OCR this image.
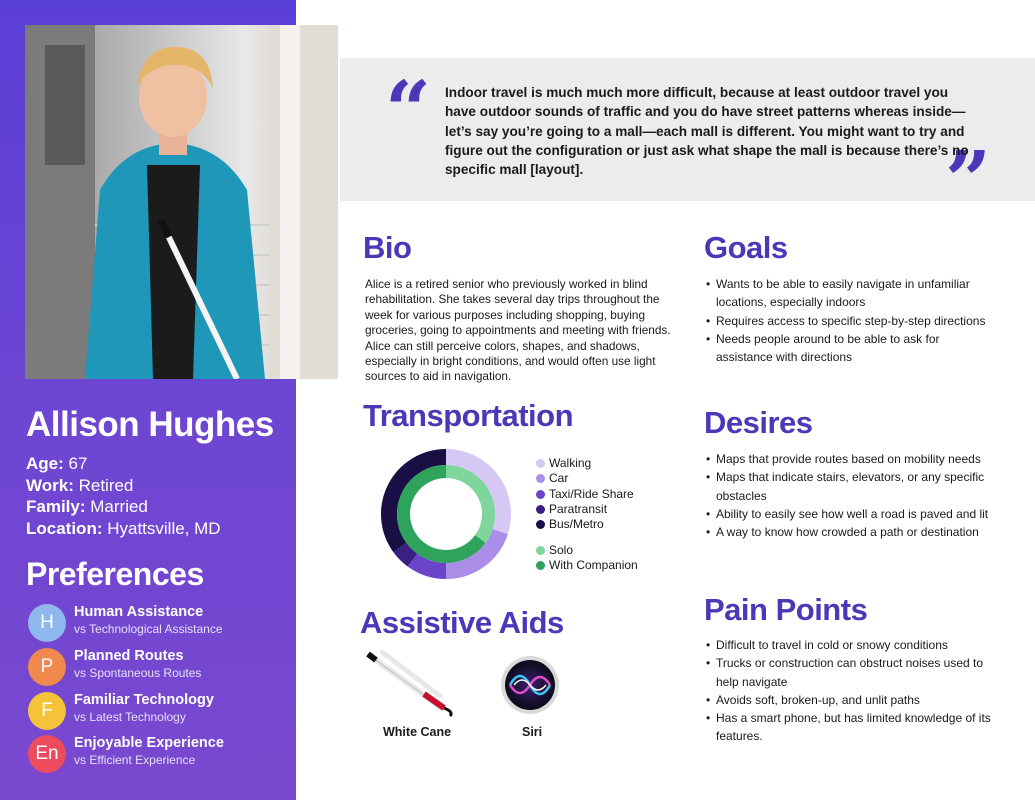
Allison Hughes
Age: 67
Work: Retired
Family: Married
Location: Hyattsville, MD
Preferences
H	Human Assistance
vs Technological Assistance
P	Planned Routes
vs Spontaneous Routes
F	Familiar Technology
vs Latest Technology
En	Enjoyable Experience
vs Efficient Experience
“
”
Indoor travel is much much more difficult, because at least outdoor travel you have outdoor sounds of traffic and you do have street patterns whereas inside—let’s say you’re going to a mall—each mall is different. You might want to try and figure out the configuration or just ask what shape the mall is because there’s no specific mall [layout].
Bio
Alice is a retired senior who previously worked in blind rehabilitation. She takes several day trips throughout the week for various purposes including shopping, buying groceries, going to appointments and meeting with friends. Alice can still perceive colors, shapes, and shadows, especially in bright conditions, and would often use light sources to aid in navigation.
Goals
• Wants to be able to easily navigate in unfamiliar locations, especially indoors
• Requires access to specific step-by-step directions
• Needs people around to be able to ask for assistance with directions
Transportation
Walking
Car
Taxi/Ride Share
Paratransit
Bus/Metro
Solo
With Companion
Desires
• Maps that provide routes based on mobility needs
• Maps that indicate stairs, elevators, or any specific obstacles
• Ability to easily see how well a road is paved and lit
• A way to know how crowded a path or destination
Assistive Aids
White Cane	Siri
Pain Points
• Difficult to travel in cold or snowy conditions
• Trucks or construction can obstruct noises used to help navigate
• Avoids soft, broken-up, and unlit paths
• Has a smart phone, but has limited knowledge of its features.
